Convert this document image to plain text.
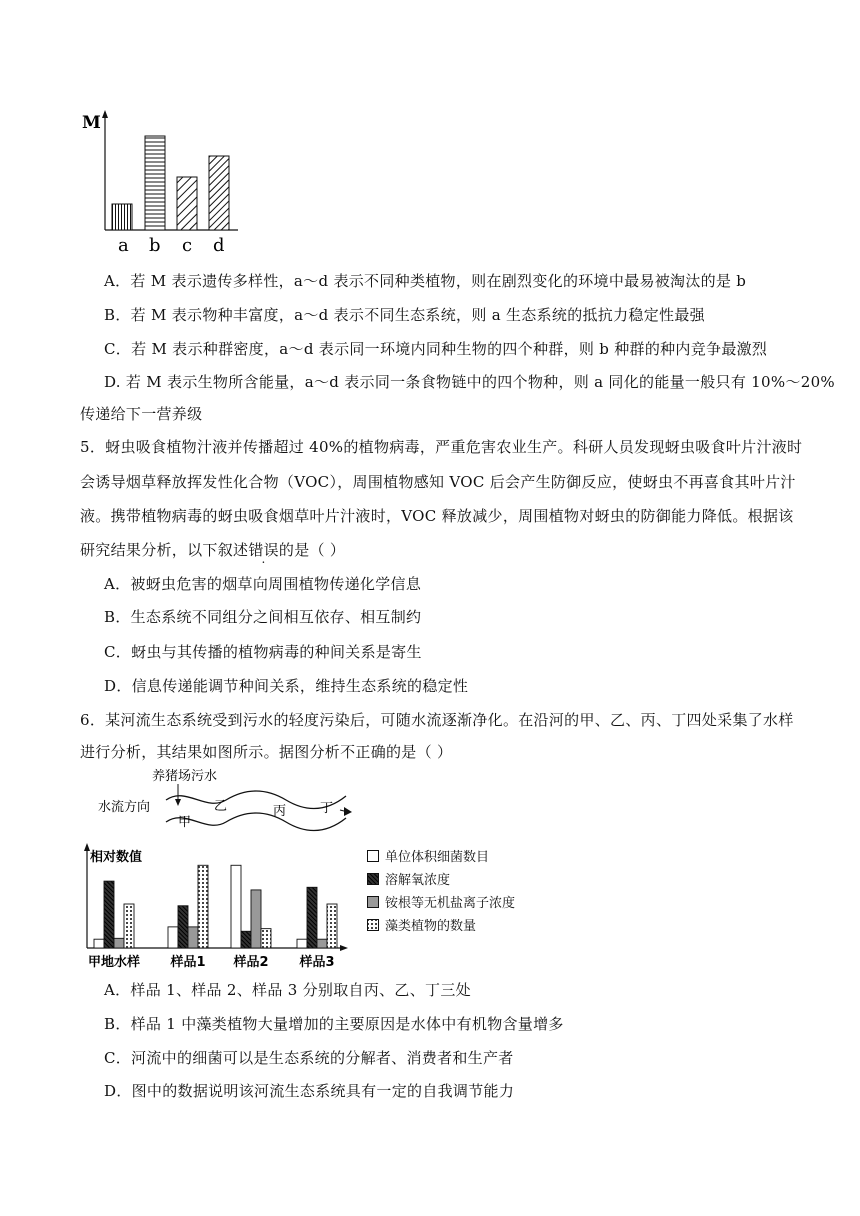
M
a b c d
A．若 M 表示遗传多样性，a～d 表示不同种类植物，则在剧烈变化的环境中最易被淘汰的是 b
B．若 M 表示物种丰富度，a～d 表示不同生态系统，则 a 生态系统的抵抗力稳定性最强
C．若 M 表示种群密度，a～d 表示同一环境内同种生物的四个种群，则 b 种群的种内竞争最激烈
D. 若 M 表示生物所含能量，a～d 表示同一条食物链中的四个物种，则 a 同化的能量一般只有 10%～20%
传递给下一营养级
5．蚜虫吸食植物汁液并传播超过 40%的植物病毒，严重危害农业生产。科研人员发现蚜虫吸食叶片汁液时
会诱导烟草释放挥发性化合物（VOC），周围植物感知 VOC 后会产生防御反应，使蚜虫不再喜食其叶片汁
液。携带植物病毒的蚜虫吸食烟草叶片汁液时，VOC 释放减少，周围植物对蚜虫的防御能力降低。根据该
研究结果分析，以下叙述错误的是（ ）
A．被蚜虫危害的烟草向周围植物传递化学信息
B．生态系统不同组分之间相互依存、相互制约
C．蚜虫与其传播的植物病毒的种间关系是寄生
D．信息传递能调节种间关系，维持生态系统的稳定性
6．某河流生态系统受到污水的轻度污染后，可随水流逐渐净化。在沿河的甲、乙、丙、丁四处采集了水样
进行分析，其结果如图所示。据图分析不正确的是（ ）
养猪场污水
水流方向
甲
乙	丙	丁
相对数值
甲地水样 样品1 样品2 样品3
单位体积细菌数目
溶解氧浓度
铵根等无机盐离子浓度
藻类植物的数量
A．样品 1、样品 2、样品 3 分别取自丙、乙、丁三处
B．样品 1 中藻类植物大量增加的主要原因是水体中有机物含量增多
C．河流中的细菌可以是生态系统的分解者、消费者和生产者
D．图中的数据说明该河流生态系统具有一定的自我调节能力
